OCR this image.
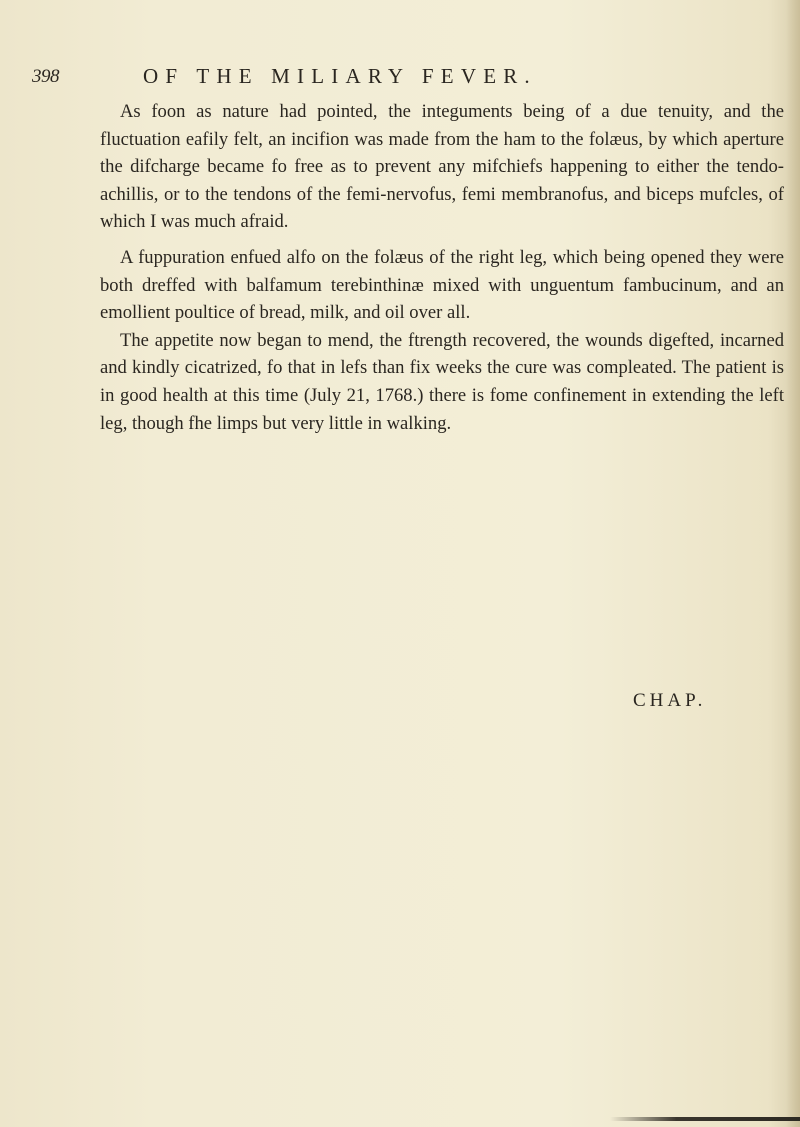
398	OF THE MILIARY FEVER.

As foon as nature had pointed, the integuments being of a due tenuity, and the fluctuation eafily felt, an incifion was made from the ham to the folæus, by which aperture the difcharge became fo free as to prevent any mifchiefs happening to either the tendo-achillis, or to the tendons of the femi-nervofus, femi membranofus, and biceps mufcles, of which I was much afraid.

A fuppuration enfued alfo on the folæus of the right leg, which being opened they were both dreffed with balfamum terebinthinæ mixed with unguentum fambucinum, and an emollient poultice of bread, milk, and oil over all.

The appetite now began to mend, the ftrength recovered, the wounds digefted, incarned and kindly cicatrized, fo that in lefs than fix weeks the cure was compleated. The patient is in good health at this time (July 21, 1768.) there is fome confinement in extending the left leg, though fhe limps but very little in walking.

CHAP.
